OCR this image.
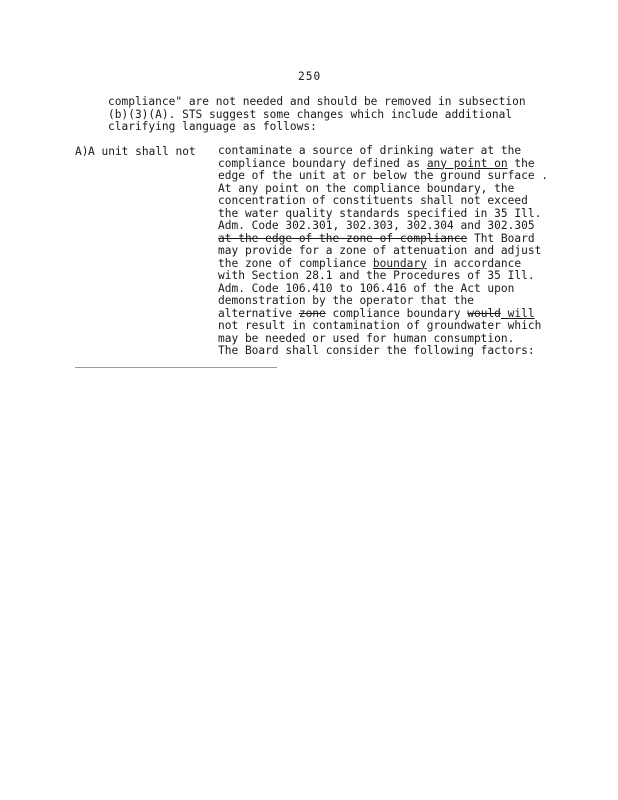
250
compliance" are not needed and should be removed in subsection
(b)(3)(A). STS suggest some changes which include additional
clarifying language as follows:
A) A unit shall not contaminate a source of drinking water at the
compliance boundary defined as any point on the
edge of the unit at or below the ground surface .
At any point on the compliance boundary, the
concentration of constituents shall not exceed
the water quality standards specified in 35 Ill.
Adm. Code 302.301, 302.303, 302.304 and 302.305
at the edge of the zone of compliance Tht Board
may provide for a zone of attenuation and adjust
the zone of compliance boundary in accordance
with Section 28.1 and the Procedures of 35 Ill.
Adm. Code 106.410 to 106.416 of the Act upon
demonstration by the operator that the
alternative zone compliance boundary would will
not result in contamination of groundwater which
may be needed or used for human consumption.
The Board shall consider the following factors:
______________________________
